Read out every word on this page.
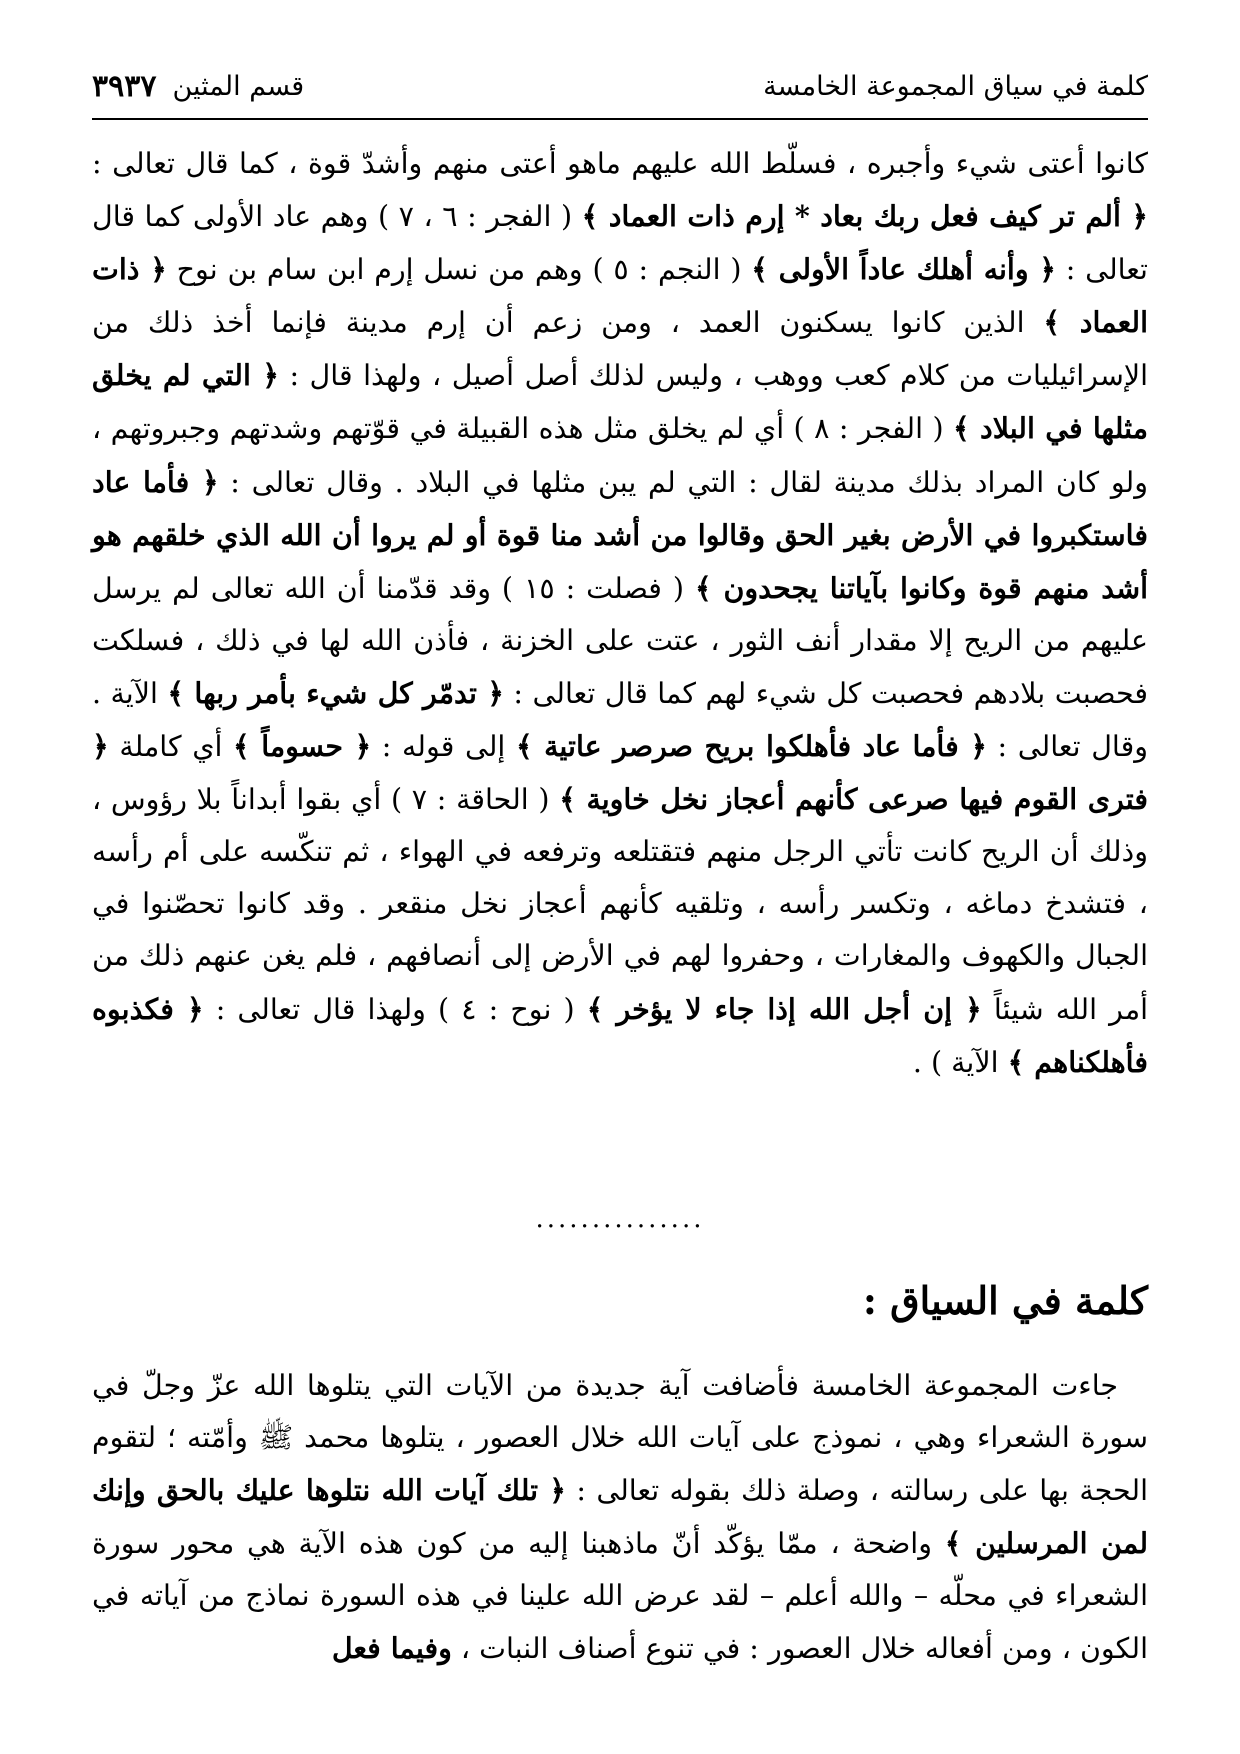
كلمة في سياق المجموعة الخامسة
قسم المثين
٣٩٣٧

كانوا أعتى شيء وأجبره ، فسلّط الله عليهم ماهو أعتى منهم وأشدّ قوة ، كما قال تعالى : ﴿ ألم تر كيف فعل ربك بعاد * إرم ذات العماد ﴾ ( الفجر : ٦ ، ٧ ) وهم عاد الأولى كما قال تعالى : ﴿ وأنه أهلك عاداً الأولى ﴾ ( النجم : ٥ ) وهم من نسل إرم ابن سام بن نوح ﴿ ذات العماد ﴾ الذين كانوا يسكنون العمد ، ومن زعم أن إرم مدينة فإنما أخذ ذلك من الإسرائيليات من كلام كعب ووهب ، وليس لذلك أصل أصيل ، ولهذا قال : ﴿ التي لم يخلق مثلها في البلاد ﴾ ( الفجر : ٨ ) أي لم يخلق مثل هذه القبيلة في قوّتهم وشدتهم وجبروتهم ، ولو كان المراد بذلك مدينة لقال : التي لم يبن مثلها في البلاد . وقال تعالى : ﴿ فأما عاد فاستكبروا في الأرض بغير الحق وقالوا من أشد منا قوة أو لم يروا أن الله الذي خلقهم هو أشد منهم قوة وكانوا بآياتنا يجحدون ﴾ ( فصلت : ١٥ ) وقد قدّمنا أن الله تعالى لم يرسل عليهم من الريح إلا مقدار أنف الثور ، عتت على الخزنة ، فأذن الله لها في ذلك ، فسلكت فحصبت بلادهم فحصبت كل شيء لهم كما قال تعالى : ﴿ تدمّر كل شيء بأمر ربها ﴾ الآية . وقال تعالى : ﴿ فأما عاد فأهلكوا بريح صرصر عاتية ﴾ إلى قوله : ﴿ حسوماً ﴾ أي كاملة ﴿ فترى القوم فيها صرعى كأنهم أعجاز نخل خاوية ﴾ ( الحاقة : ٧ ) أي بقوا أبداناً بلا رؤوس ، وذلك أن الريح كانت تأتي الرجل منهم فتقتلعه وترفعه في الهواء ، ثم تنكّسه على أم رأسه ، فتشدخ دماغه ، وتكسر رأسه ، وتلقيه كأنهم أعجاز نخل منقعر . وقد كانوا تحصّنوا في الجبال والكهوف والمغارات ، وحفروا لهم في الأرض إلى أنصافهم ، فلم يغن عنهم ذلك من أمر الله شيئاً ﴿ إن أجل الله إذا جاء لا يؤخر ﴾ ( نوح : ٤ ) ولهذا قال تعالى : ﴿ فكذبوه فأهلكناهم ﴾ الآية ) .

...............
كلمة في السياق :

جاءت المجموعة الخامسة فأضافت آية جديدة من الآيات التي يتلوها الله عزّ وجلّ في سورة الشعراء وهي ، نموذج على آيات الله خلال العصور ، يتلوها محمد ﷺ وأمّته ؛ لتقوم الحجة بها على رسالته ، وصلة ذلك بقوله تعالى : ﴿ تلك آيات الله نتلوها عليك بالحق وإنك لمن المرسلين ﴾ واضحة ، ممّا يؤكّد أنّ ماذهبنا إليه من كون هذه الآية هي محور سورة الشعراء في محلّه – والله أعلم – لقد عرض الله علينا في هذه السورة نماذج من آياته في الكون ، ومن أفعاله خلال العصور : في تنوع أصناف النبات ، وفيما فعل
